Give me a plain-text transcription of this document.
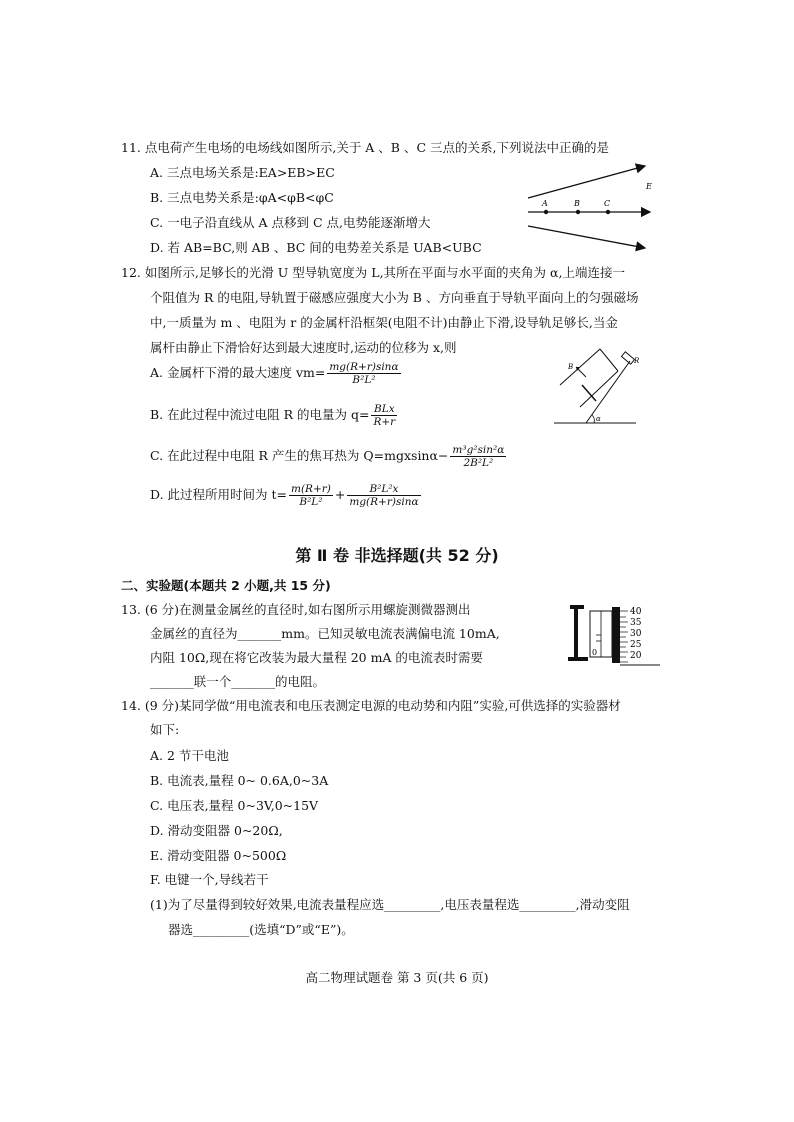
11. 点电荷产生电场的电场线如图所示,关于 A 、B 、C 三点的关系,下列说法中正确的是
A. 三点电场关系是:EA>EB>EC
B. 三点电势关系是:φA<φB<φC
C. 一电子沿直线从 A 点移到 C 点,电势能逐渐增大
D. 若 AB=BC,则 AB 、BC 间的电势差关系是 UAB<UBC
A	B	C
E
12. 如图所示,足够长的光滑 U 型导轨宽度为 L,其所在平面与水平面的夹角为 α,上端连接一
个阻值为 R 的电阻,导轨置于磁感应强度大小为 B 、方向垂直于导轨平面向上的匀强磁场
中,一质量为 m 、电阻为 r 的金属杆沿框架(电阻不计)由静止下滑,设导轨足够长,当金
属杆由静止下滑恰好达到最大速度时,运动的位移为 x,则
A. 金属杆下滑的最大速度 $vm= \frac{mg(R+r)\sin\alpha}{\text{B²L²}}$
B. 在此过程中流过电阻 R 的电量为 $q= \frac{\text{BLx}}{R+r}$
C. 在此过程中电阻 R 产生的焦耳热为 $Q=mgxsin\alpha- \frac{\text{m³g²sin²α}}{\text{2B²L²}}$
D. 此过程所用时间为 $t= \frac{m(R+r)}{\text{B²L²}} + \frac{\text{B²L²x}}{mg(R+r)\sin\alpha}$
B
R
α
第 Ⅱ 卷 非选择题(共 52 分)
二、实验题(本题共 2 小题,共 15 分)
13. (6 分)在测量金属丝的直径时,如右图所示用螺旋测微器测出
金属丝的直径为_______mm。已知灵敏电流表满偏电流 10mA,
内阻 10Ω,现在将它改装为最大量程 20 mA 的电流表时需要
_______联一个_______的电阻。
0
40
35
30
25
20
14. (9 分)某同学做“用电流表和电压表测定电源的电动势和内阻”实验,可供选择的实验器材
如下:
A. 2 节干电池
B. 电流表,量程 0~ 0.6A,0~3A
C. 电压表,量程 0~3V,0~15V
D. 滑动变阻器 0~20Ω,
E. 滑动变阻器 0~500Ω
F. 电键一个,导线若干
(1)为了尽量得到较好效果,电流表量程应选_________,电压表量程选_________,滑动变阻
器选_________(选填“D”或“E”)。
高二物理试题卷 第 3 页(共 6 页)
